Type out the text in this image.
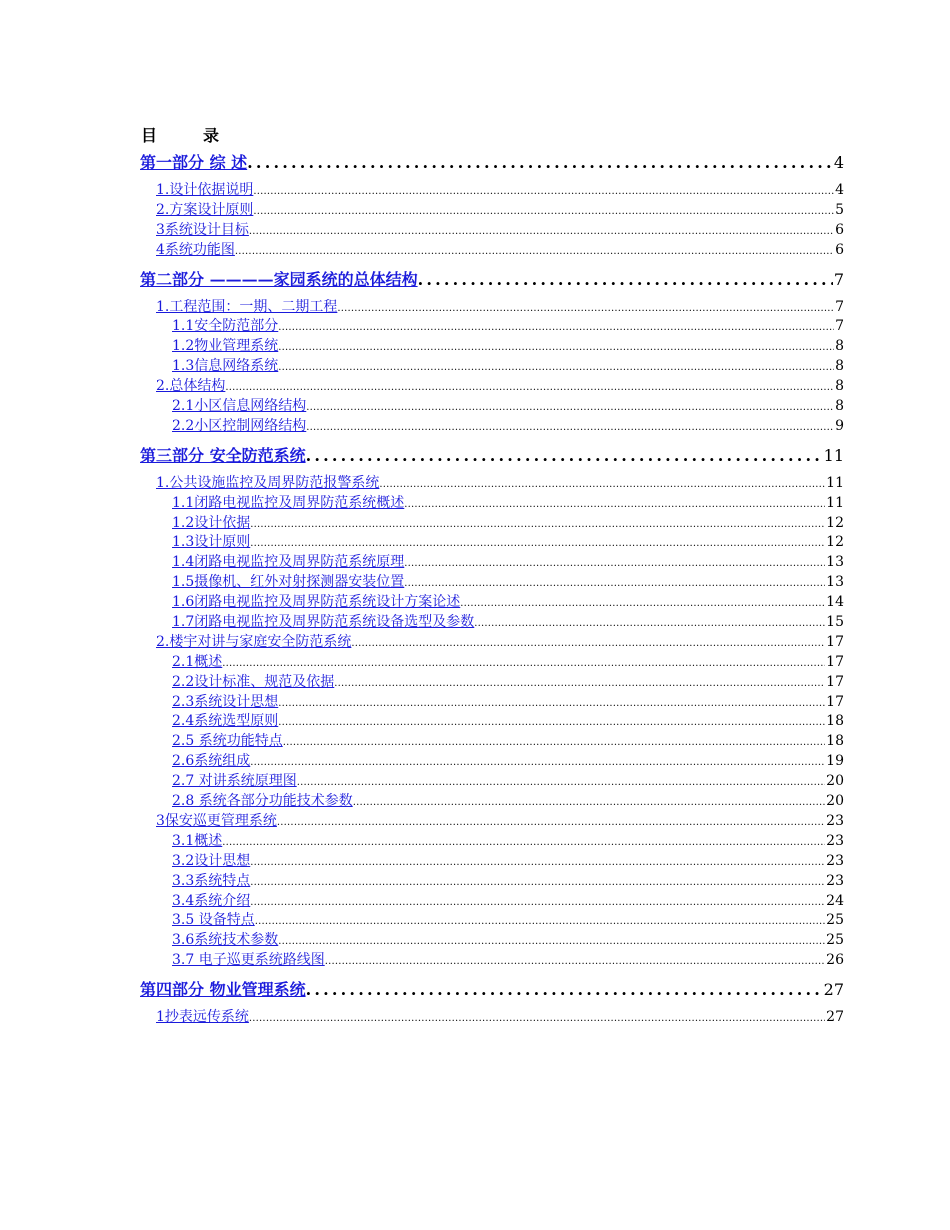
目	录
第一部分 综 述 .....	4
1.设计依据说明 .....	4
2.方案设计原则 .....	5
3系统设计目标 .....	6
4系统功能图 .....	6
第二部分 ————家园系统的总体结构 .....	7
1.工程范围：一期、二期工程 .....	7
1.1安全防范部分 .....	7
1.2物业管理系统 .....	8
1.3信息网络系统 .....	8
2.总体结构 .....	8
2.1小区信息网络结构 .....	8
2.2小区控制网络结构 .....	9
第三部分 安全防范系统 .....	11
1.公共设施监控及周界防范报警系统 .....	11
1.1闭路电视监控及周界防范系统概述 .....	11
1.2设计依据 .....	12
1.3设计原则 .....	12
1.4闭路电视监控及周界防范系统原理 .....	13
1.5摄像机、红外对射探测器安装位置 .....	13
1.6闭路电视监控及周界防范系统设计方案论述 .....	14
1.7闭路电视监控及周界防范系统设备选型及参数 .....	15
2.楼宇对讲与家庭安全防范系统 .....	17
2.1概述 .....	17
2.2设计标准、规范及依据 .....	17
2.3系统设计思想 .....	17
2.4系统选型原则 .....	18
2.5 系统功能特点 .....	18
2.6系统组成 .....	19
2.7 对讲系统原理图 .....	20
2.8 系统各部分功能技术参数 .....	20
3保安巡更管理系统 .....	23
3.1概述 .....	23
3.2设计思想 .....	23
3.3系统特点 .....	23
3.4系统介绍 .....	24
3.5 设备特点 .....	25
3.6系统技术参数 .....	25
3.7 电子巡更系统路线图 .....	26
第四部分 物业管理系统 .....	27
1抄表远传系统 .....	27
